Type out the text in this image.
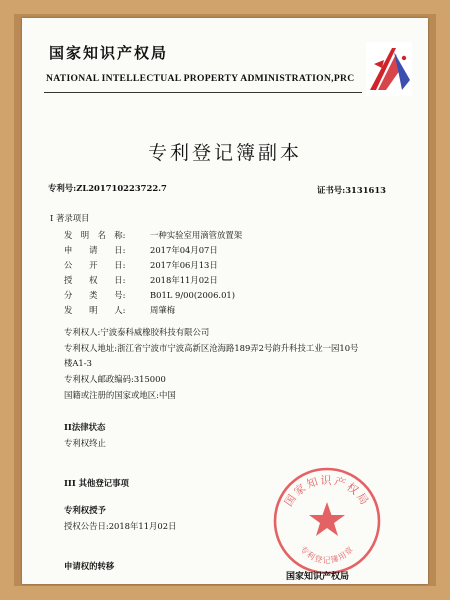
国家知识产权局
NATIONAL INTELLECTUAL PROPERTY ADMINISTRATION,PRC
专利登记簿副本
专利号:ZL201710223722.7	证书号:3131613
I 著录项目
发　明　名　称:	一种实验室用滴管放置架
申　　请　　日:	2017年04月07日
公　　开　　日:	2017年06月13日
授　　权　　日:	2018年11月02日
分　　类　　号:	B01L 9/00(2006.01)
发　　明　　人:	周肇梅
专利权人:宁波泰科威橡胶科技有限公司
专利权人地址:浙江省宁波市宁波高新区沧海路189弄2号韵升科技工业一园10号
楼A1-3
专利权人邮政编码:315000
国籍或注册的国家或地区:中国
II法律状态
专利权终止
III 其他登记事项
专利权授予
授权公告日:2018年11月02日
申请权的转移
国家知识产权局
专利登记簿用章
国家知识产权局
